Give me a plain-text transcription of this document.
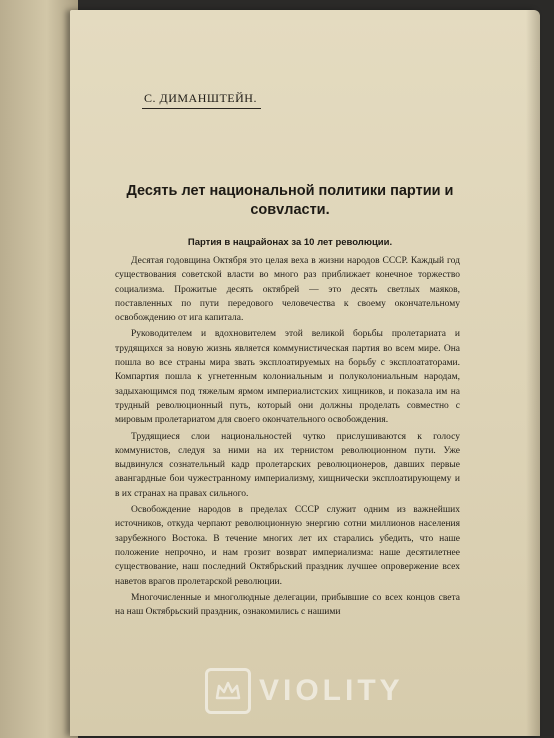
С. ДИМАНШТЕЙН.
Десять лет национальной политики партии и совvласти.
Партия в нацрайонах за 10 лет революции.

Десятая годовщина Октября это целая веха в жизни народов СССР. Каждый год существования советской власти во много раз приближает конечное торжество социализма. Прожитые десять октябрей — это десять светлых маяков, поставленных по пути передового человечества к своему окончательному освобождению от ига капитала.

Руководителем и вдохновителем этой великой борьбы пролетариата и трудящихся за новую жизнь является коммунистическая партия во всем мире. Она пошла во все страны мира звать эксплоатируемых на борьбу с эксплоататорами. Компартия пошла к угнетенным колониальным и полуколониальным народам, задыхающимся под тяжелым ярмом империалистских хищников, и показала им на трудный революционный путь, который они должны проделать совместно с мировым пролетариатом для своего окончательного освобождения.

Трудящиеся слои национальностей чутко прислушиваются к голосу коммунистов, следуя за ними на их тернистом революционном пути. Уже выдвинулся сознательный кадр пролетарских революционеров, давших первые авангардные бои чужестранному империализму, хищнически эксплоатирующему и в их странах на правах сильного.

Освобождение народов в пределах СССР служит одним из важнейших источников, откуда черпают революционную энергию сотни миллионов населения зарубежного Востока. В течение многих лет их старались убедить, что наше положение непрочно, и нам грозит возврат империализма: наше десятилетнее существование, наш последний Октябрьский праздник лучшее опровержение всех наветов врагов пролетарской революции.

Многочисленные и многолюдные делегации, прибывшие со всех концов света на наш Октябрьский праздник, ознакомились с нашими

VIOLITY
